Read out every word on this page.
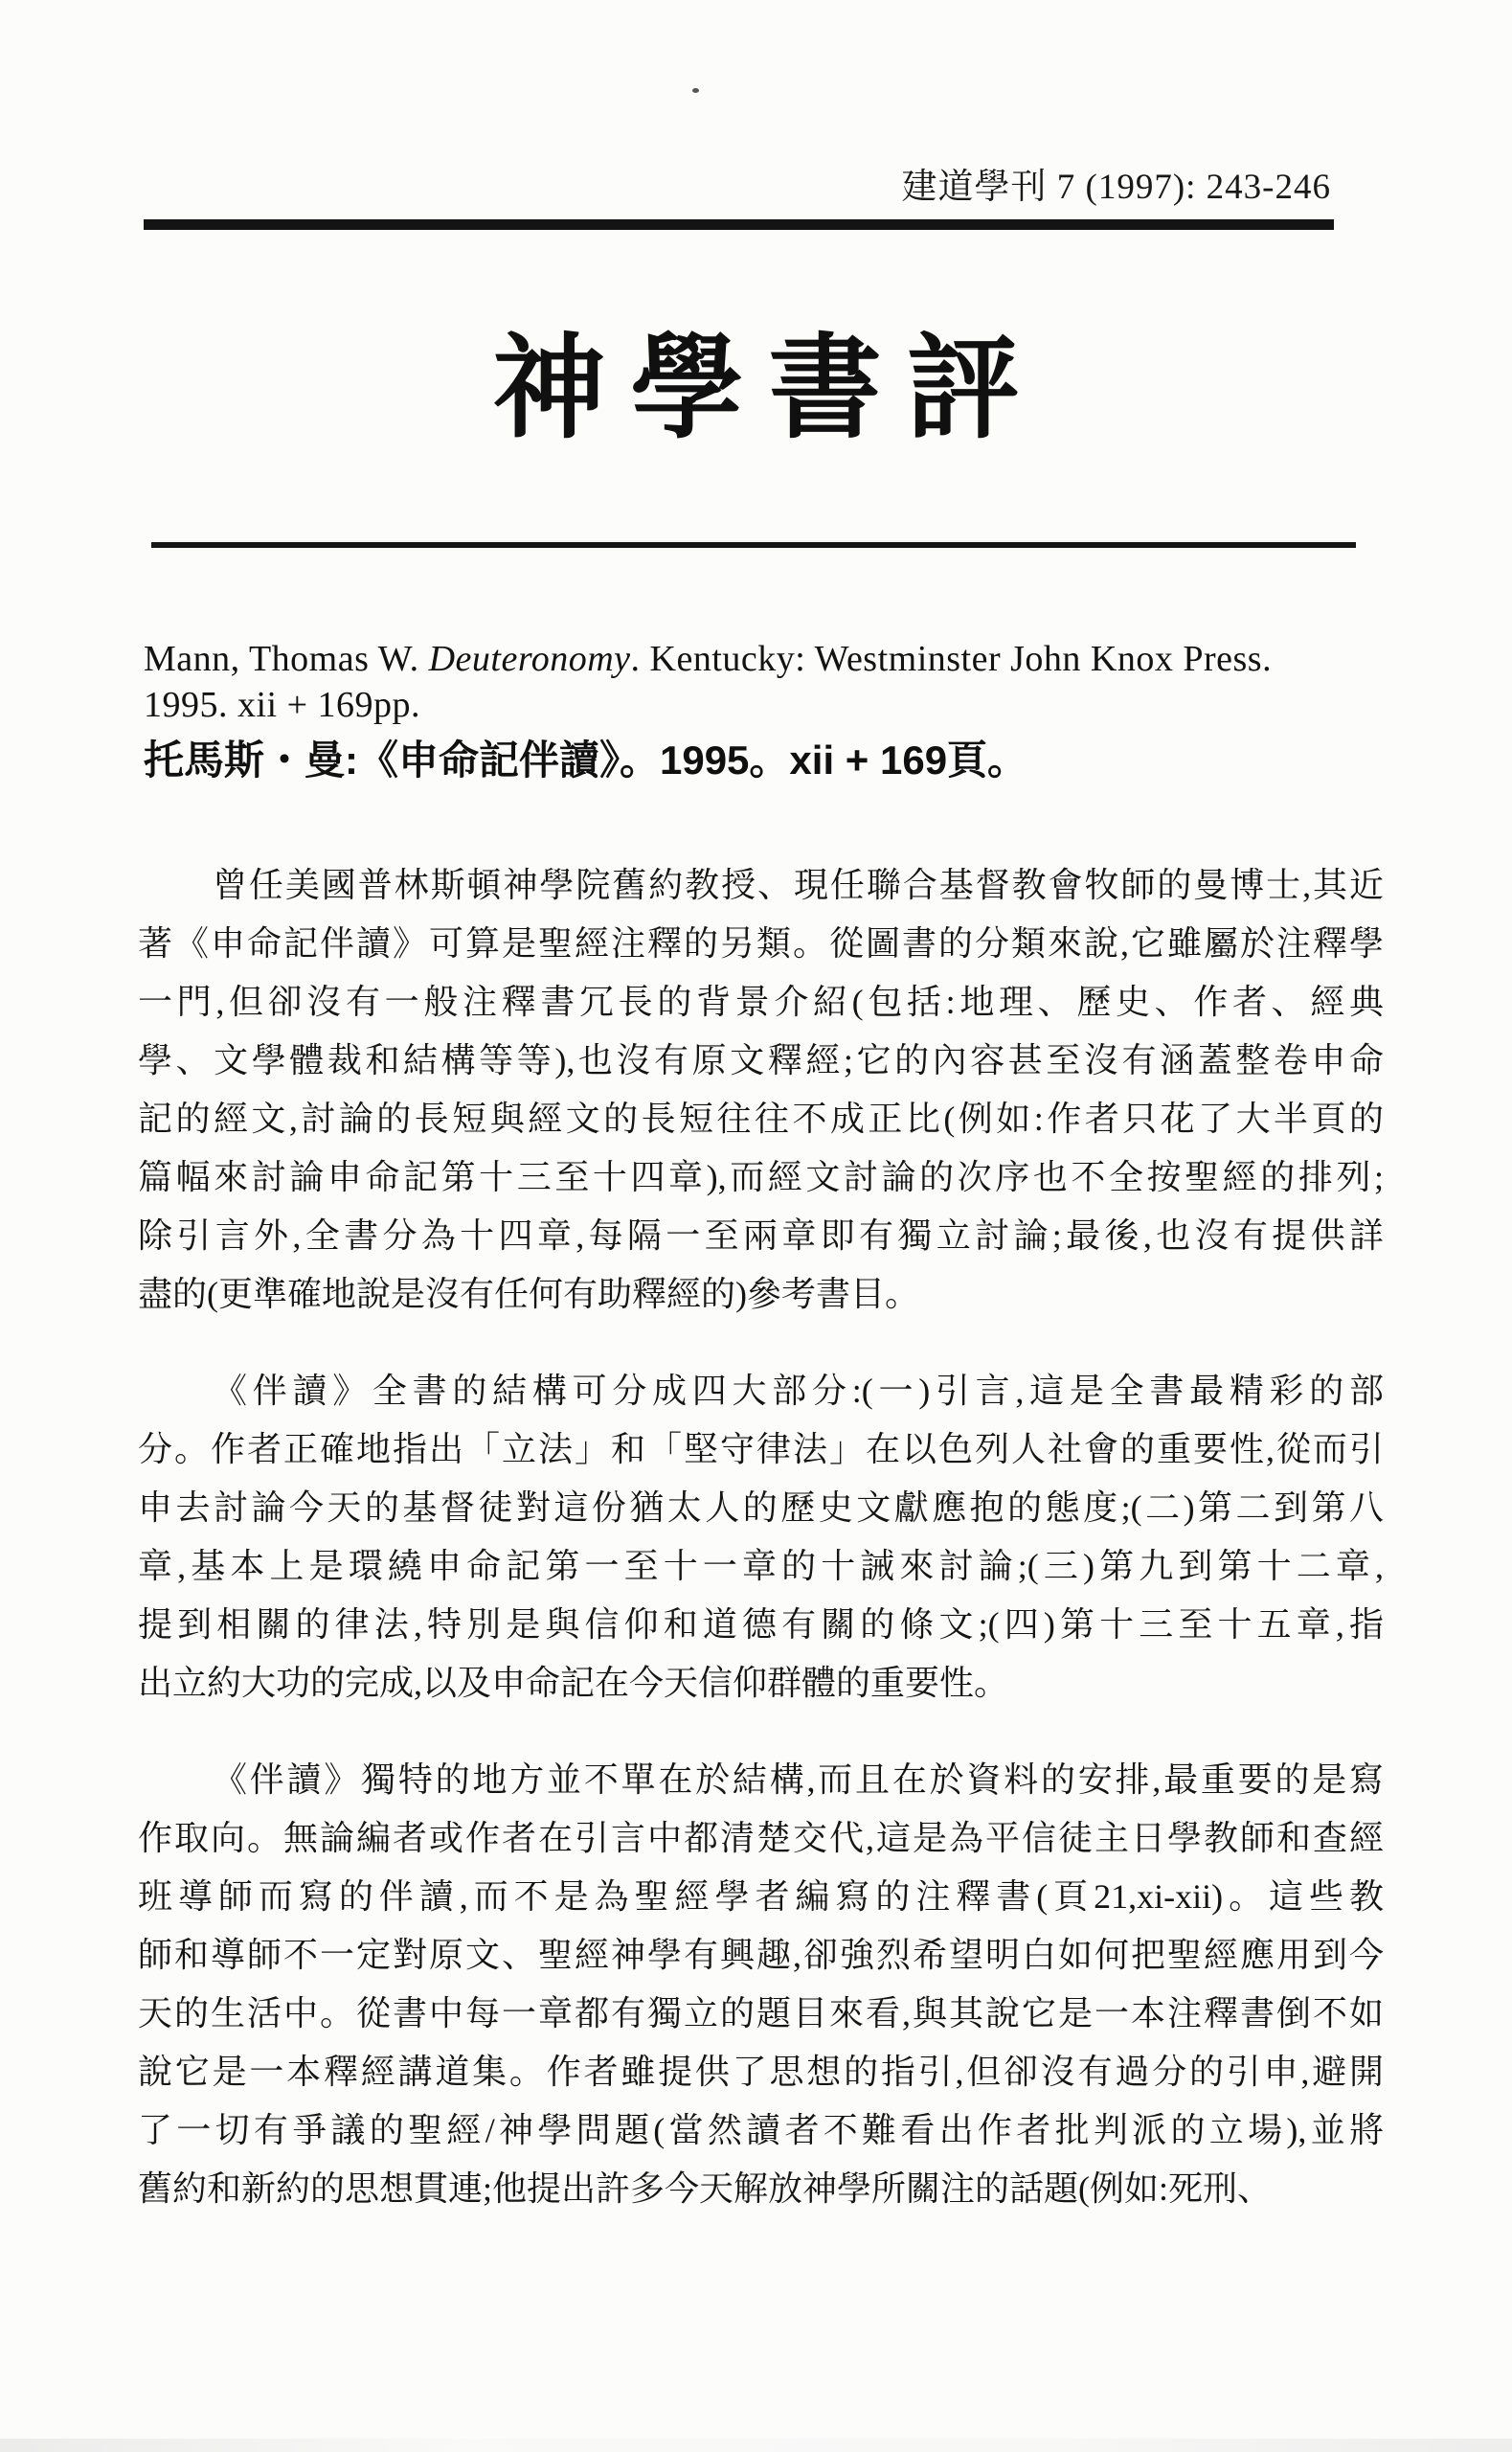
建道學刊 7 (1997): 243-246
神學書評
Mann, Thomas W. Deuteronomy. Kentucky: Westminster John Knox Press.
1995. xii + 169pp.
托馬斯・曼:《申命記伴讀》。1995。xii + 169頁。
曾任美國普林斯頓神學院舊約教授、現任聯合基督教會牧師的曼博士,其近
著《申命記伴讀》可算是聖經注釋的另類。從圖書的分類來說,它雖屬於注釋學
一門,但卻沒有一般注釋書冗長的背景介紹(包括:地理、歷史、作者、經典
學、文學體裁和結構等等),也沒有原文釋經;它的內容甚至沒有涵蓋整卷申命
記的經文,討論的長短與經文的長短往往不成正比(例如:作者只花了大半頁的
篇幅來討論申命記第十三至十四章),而經文討論的次序也不全按聖經的排列;
除引言外,全書分為十四章,每隔一至兩章即有獨立討論;最後,也沒有提供詳
盡的(更準確地說是沒有任何有助釋經的)參考書目。
《伴讀》全書的結構可分成四大部分:(一)引言,這是全書最精彩的部
分。作者正確地指出「立法」和「堅守律法」在以色列人社會的重要性,從而引
申去討論今天的基督徒對這份猶太人的歷史文獻應抱的態度;(二)第二到第八
章,基本上是環繞申命記第一至十一章的十誡來討論;(三)第九到第十二章,
提到相關的律法,特別是與信仰和道德有關的條文;(四)第十三至十五章,指
出立約大功的完成,以及申命記在今天信仰群體的重要性。
《伴讀》獨特的地方並不單在於結構,而且在於資料的安排,最重要的是寫
作取向。無論編者或作者在引言中都清楚交代,這是為平信徒主日學教師和查經
班導師而寫的伴讀,而不是為聖經學者編寫的注釋書(頁21,xi-xii)。這些教
師和導師不一定對原文、聖經神學有興趣,卻強烈希望明白如何把聖經應用到今
天的生活中。從書中每一章都有獨立的題目來看,與其說它是一本注釋書倒不如
說它是一本釋經講道集。作者雖提供了思想的指引,但卻沒有過分的引申,避開
了一切有爭議的聖經/神學問題(當然讀者不難看出作者批判派的立場),並將
舊約和新約的思想貫連;他提出許多今天解放神學所關注的話題(例如:死刑、
